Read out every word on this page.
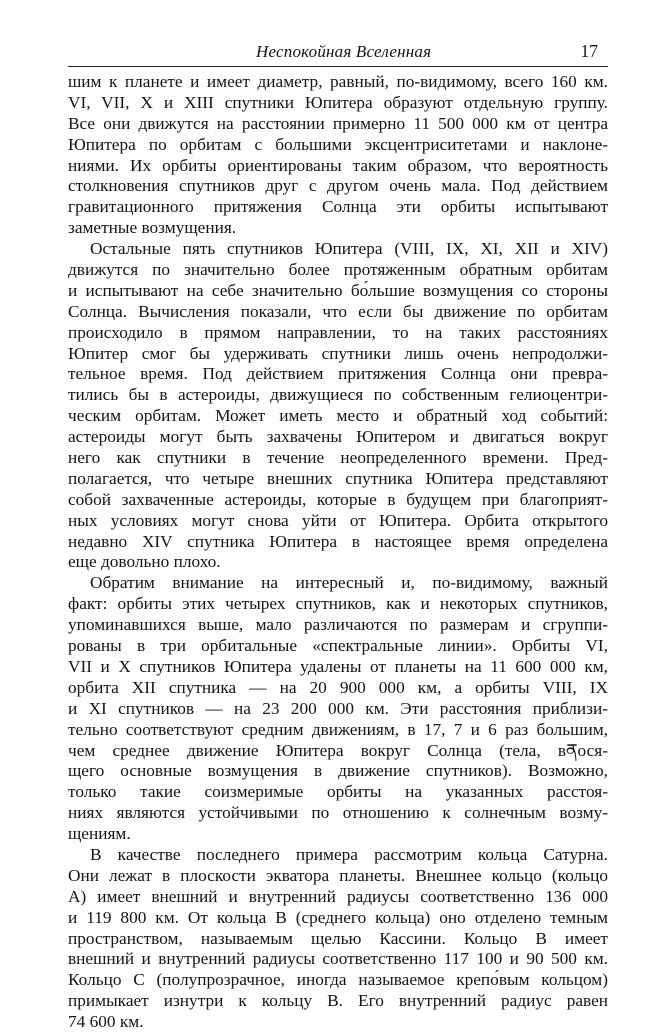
Неспокойная Вселенная	17
шим к планете и имеет диаметр, равный, по-видимому, всего 160 км.
VI, VII, X и XIII спутники Юпитера образуют отдельную группу.
Все они движутся на расстоянии примерно 11 500 000 км от центра
Юпитера по орбитам с большими эксцентриситетами и наклоне-
ниями. Их орбиты ориентированы таким образом, что вероятность
столкновения спутников друг с другом очень мала. Под действием
гравитационного притяжения Солнца эти орбиты испытывают
заметные возмущения.
Остальные пять спутников Юпитера (VIII, IX, XI, XII и XIV)
движутся по значительно более протяженным обратным орбитам
и испытывают на себе значительно бо́льшие возмущения со стороны
Солнца. Вычисления показали, что если бы движение по орбитам
происходило в прямом направлении, то на таких расстояниях
Юпитер смог бы удерживать спутники лишь очень непродолжи-
тельное время. Под действием притяжения Солнца они превра-
тились бы в астероиды, движущиеся по собственным гелиоцентри-
ческим орбитам. Может иметь место и обратный ход событий:
астероиды могут быть захвачены Юпитером и двигаться вокруг
него как спутники в течение неопределенного времени. Пред-
полагается, что четыре внешних спутника Юпитера представляют
собой захваченные астероиды, которые в будущем при благоприят-
ных условиях могут снова уйти от Юпитера. Орбита открытого
недавно XIV спутника Юпитера в настоящее время определена
еще довольно плохо.
Обратим внимание на интересный и, по-видимому, важный
факт: орбиты этих четырех спутников, как и некоторых спутников,
упоминавшихся выше, мало различаются по размерам и сгруппи-
рованы в три орбитальные «спектральные линии». Орбиты VI,
VII и X спутников Юпитера удалены от планеты на 11 600 000 км,
орбита XII спутника — на 20 900 000 км, а орбиты VIII, IX
и XI спутников — на 23 200 000 км. Эти расстояния приблизи-
тельно соответствуют средним движениям, в 17, 7 и 6 раз большим,
чем среднее движение Юпитера вокруг Солнца (тела, вནося-
щего основные возмущения в движение спутников). Возможно,
только такие соизмеримые орбиты на указанных расстоя-
ниях являются устойчивыми по отношению к солнечным возму-
щениям.
В качестве последнего примера рассмотрим кольца Сатурна.
Они лежат в плоскости экватора планеты. Внешнее кольцо (кольцо
А) имеет внешний и внутренний радиусы соответственно 136 000
и 119 800 км. От кольца В (среднего кольца) оно отделено темным
пространством, называемым щелью Кассини. Кольцо В имеет
внешний и внутренний радиусы соответственно 117 100 и 90 500 км.
Кольцо С (полупрозрачное, иногда называемое крепо́вым кольцом)
примыкает изнутри к кольцу В. Его внутренний радиус равен
74 600 км.
